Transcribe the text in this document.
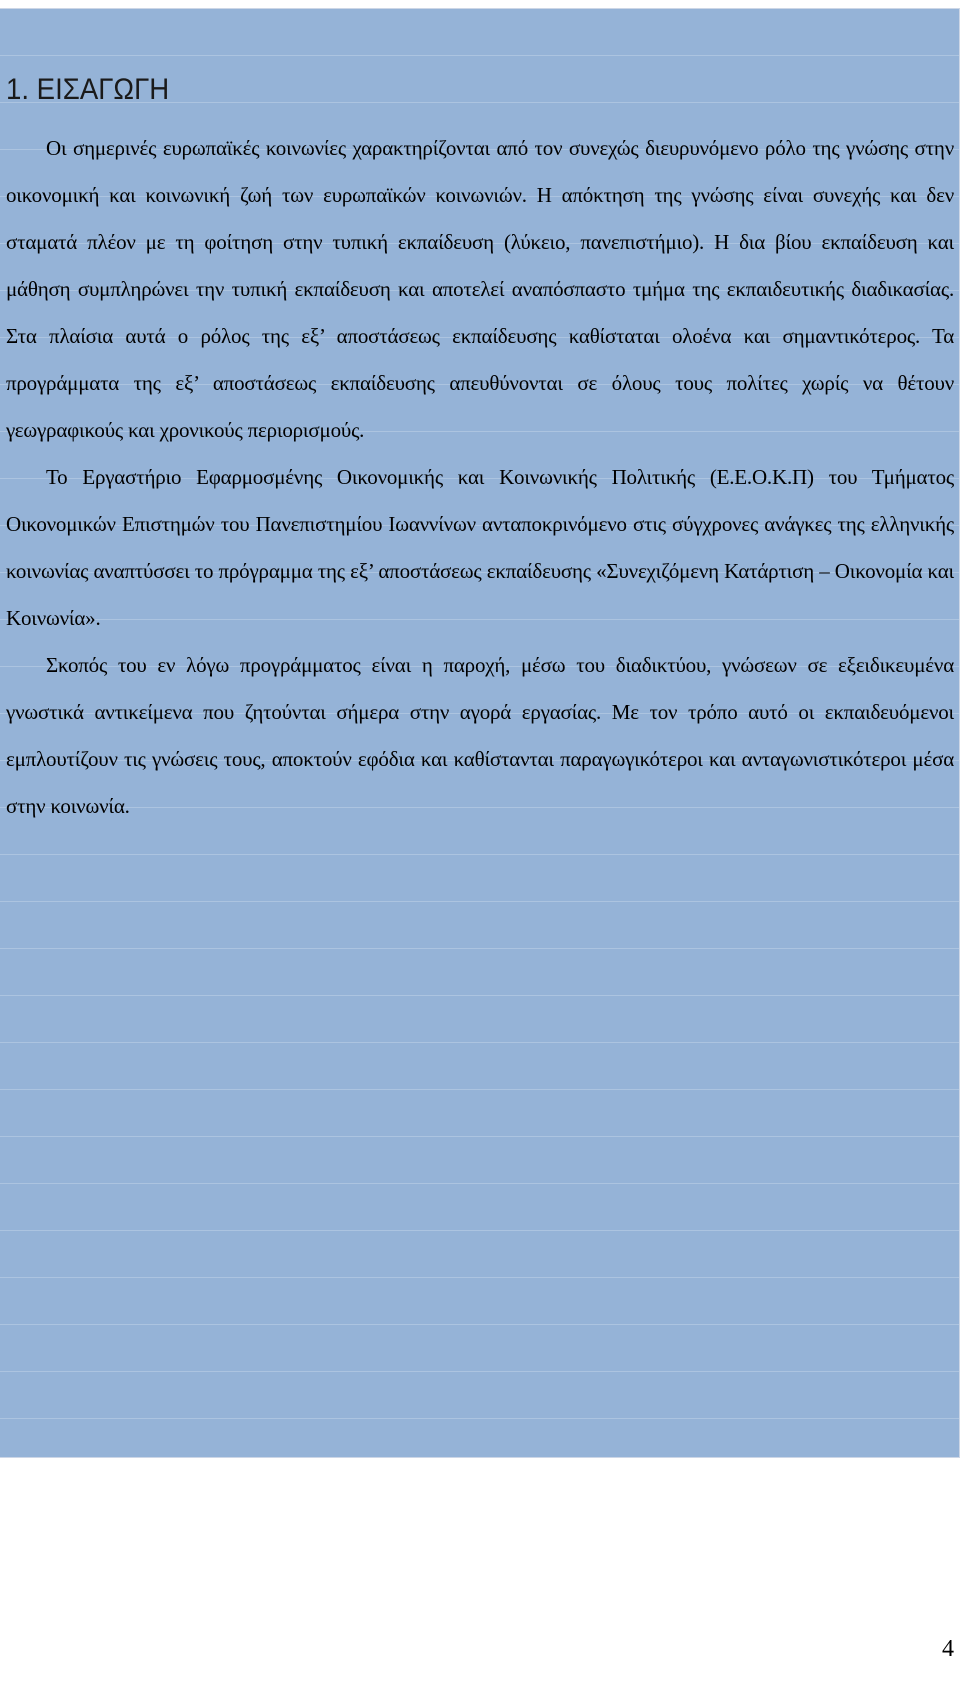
1. ΕΙΣΑΓΩΓΗ

Οι σημερινές ευρωπαϊκές κοινωνίες χαρακτηρίζονται από τον συνεχώς διευρυνόμενο ρόλο της γνώσης στην οικονομική και κοινωνική ζωή των ευρωπαϊκών κοινωνιών. Η απόκτηση της γνώσης είναι συνεχής και δεν σταματά πλέον με τη φοίτηση στην τυπική εκπαίδευση (λύκειο, πανεπιστήμιο). Η δια βίου εκπαίδευση και μάθηση συμπληρώνει την τυπική εκπαίδευση και αποτελεί αναπόσπαστο τμήμα της εκπαιδευτικής διαδικασίας. Στα πλαίσια αυτά ο ρόλος της εξ’ αποστάσεως εκπαίδευσης καθίσταται ολοένα και σημαντικότερος. Τα προγράμματα της εξ’ αποστάσεως εκπαίδευσης απευθύνονται σε όλους τους πολίτες χωρίς να θέτουν γεωγραφικούς και χρονικούς περιορισμούς.

Το Εργαστήριο Εφαρμοσμένης Οικονομικής και Κοινωνικής Πολιτικής (Ε.Ε.Ο.Κ.Π) του Τμήματος Οικονομικών Επιστημών του Πανεπιστημίου Ιωαννίνων ανταποκρινόμενο στις σύγχρονες ανάγκες της ελληνικής κοινωνίας αναπτύσσει το πρόγραμμα της εξ’ αποστάσεως εκπαίδευσης «Συνεχιζόμενη Κατάρτιση – Οικονομία και Κοινωνία».

Σκοπός του εν λόγω προγράμματος είναι η παροχή, μέσω του διαδικτύου, γνώσεων σε εξειδικευμένα γνωστικά αντικείμενα που ζητούνται σήμερα στην αγορά εργασίας. Με τον τρόπο αυτό οι εκπαιδευόμενοι εμπλουτίζουν τις γνώσεις τους, αποκτούν εφόδια και καθίστανται παραγωγικότεροι και ανταγωνιστικότεροι μέσα στην κοινωνία.

4
